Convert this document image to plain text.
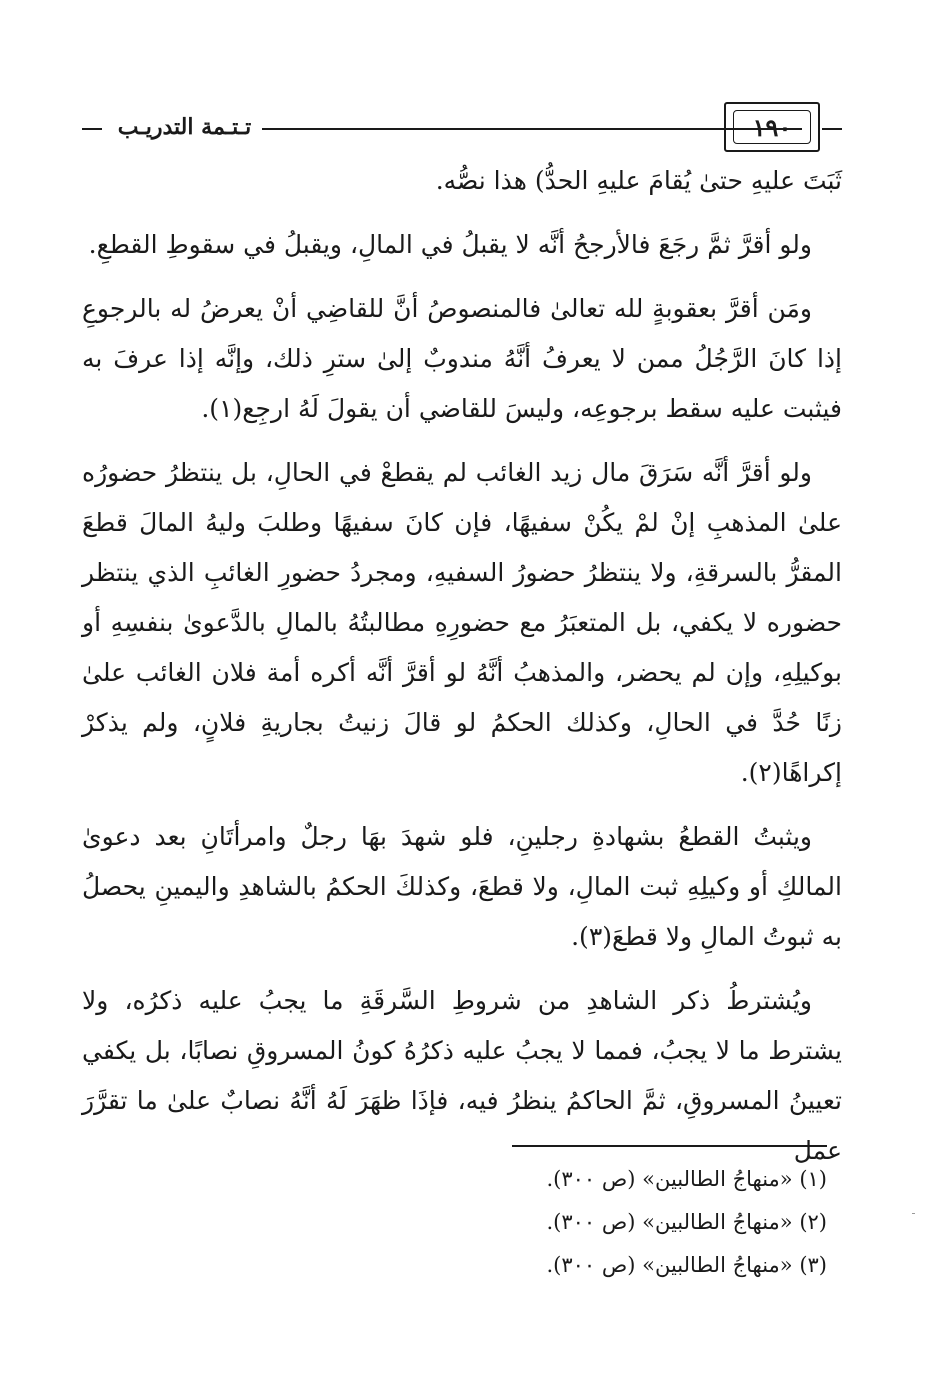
تـتـمة التدريـب	١٩٠

ثَبَتَ عليهِ حتىٰ يُقامَ عليهِ الحدُّ) هذا نصُّه.

ولو أقرَّ ثمَّ رجَعَ فالأرجحُ أنَّه لا يقبلُ في المالِ، ويقبلُ في سقوطِ القطعِ.

ومَن أقرَّ بعقوبةٍ لله تعالىٰ فالمنصوصُ أنَّ للقاضِي أنْ يعرضُ له بالرجوعِ إذا كانَ الرَّجُلُ ممن لا يعرفُ أنَّهُ مندوبٌ إلىٰ سترِ ذلك، وإنَّه إذا عرفَ به فيثبت عليه سقط برجوعِه، وليسَ للقاضي أن يقولَ لَهُ ارجِع(١).

ولو أقرَّ أنَّه سَرَقَ مال زيد الغائب لم يقطعْ في الحالِ، بل ينتظرُ حضورُه علىٰ المذهبِ إنْ لمْ يكُنْ سفيهًا، فإن كانَ سفيهًا وطلبَ وليهُ المالَ قطعَ المقرُّ بالسرقةِ، ولا ينتظرُ حضورُ السفيهِ، ومجردُ حضورِ الغائبِ الذي ينتظر حضوره لا يكفي، بل المتعبَرُ مع حضورِهِ مطالبتُهُ بالمالِ بالدَّعوىٰ بنفسِهِ أو بوكيلِهِ، وإن لم يحضر، والمذهبُ أنَّهُ لو أقرَّ أنَّه أكره أمة فلان الغائب علىٰ زنًا حُدَّ في الحالِ، وكذلك الحكمُ لو قالَ زنيتُ بجاريةِ فلانٍ، ولم يذكرْ إكراهًا(٢).

ويثبتُ القطعُ بشهادةِ رجلينِ، فلو شهدَ بهَا رجلٌ وامرأتَانِ بعد دعوىٰ المالكِ أو وكيلِهِ ثبت المالِ، ولا قطعَ، وكذلكَ الحكمُ بالشاهدِ واليمينِ يحصلُ به ثبوتُ المالِ ولا قطعَ(٣).

ويُشترطُ ذكر الشاهدِ من شروطِ السَّرقَةِ ما يجبُ عليه ذكرُه، ولا يشترط ما لا يجبُ، فمما لا يجبُ عليه ذكرُهُ كونُ المسروقِ نصابًا، بل يكفي تعيينُ المسروقِ، ثمَّ الحاكمُ ينظرُ فيه، فإذَا ظهَرَ لَهُ أنَّهُ نصابٌ علىٰ ما تقرَّرَ عمل

(١) «منهاجُ الطالبين» (ص ٣٠٠).
(٢) «منهاجُ الطالبين» (ص ٣٠٠).
(٣) «منهاجُ الطالبين» (ص ٣٠٠).
